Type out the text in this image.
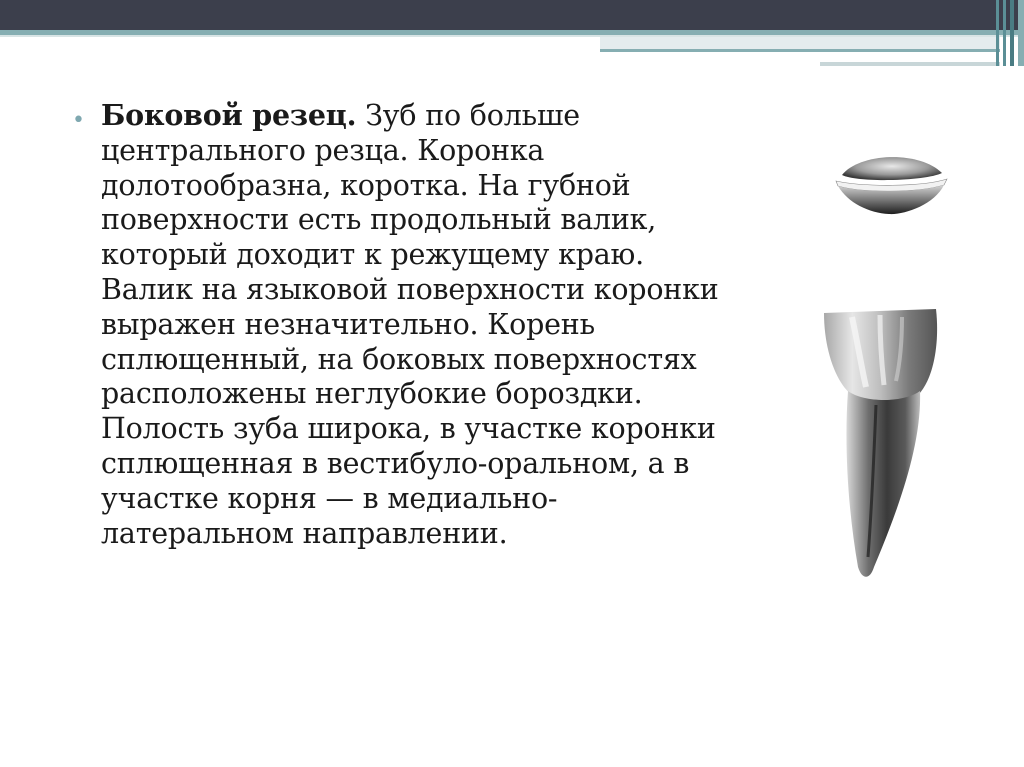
• Боковой резец. Зуб по больше центрального резца. Коронка долотообразна, коротка. На губной поверхности есть продольный валик, который доходит к режущему краю. Валик на языковой поверхности коронки выражен незначительно. Корень сплющенный, на боковых поверхностях расположены неглубокие бороздки. Полость зуба широка, в участке коронки сплющенная в вестибуло-оральном, а в участке корня — в медиально-латеральном направлении.
